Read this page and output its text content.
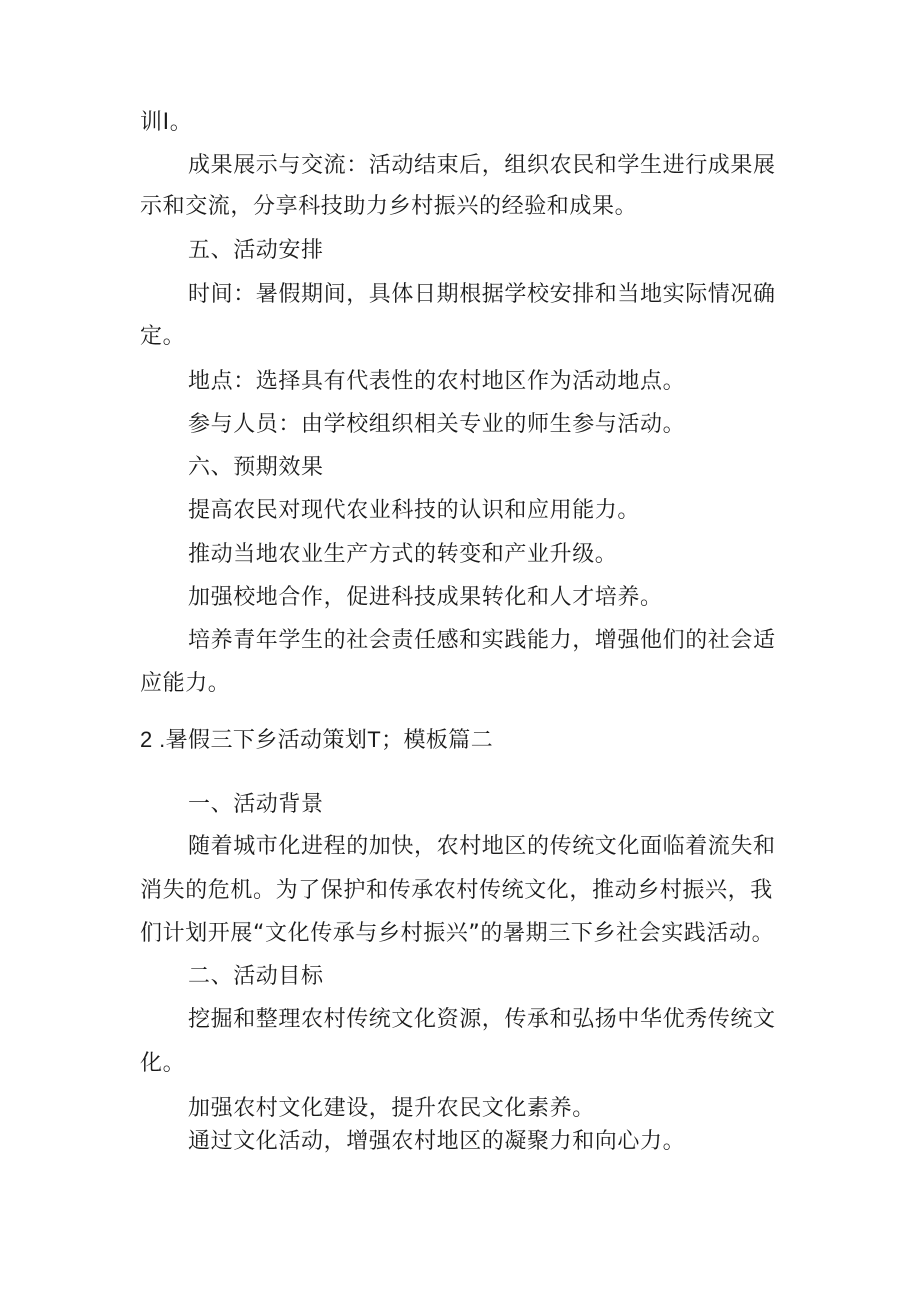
训I。

成果展示与交流：活动结束后，组织农民和学生进行成果展

示和交流，分享科技助力乡村振兴的经验和成果。

五、活动安排

时间：暑假期间，具体日期根据学校安排和当地实际情况确

定。

地点：选择具有代表性的农村地区作为活动地点。

参与人员：由学校组织相关专业的师生参与活动。

六、预期效果

提高农民对现代农业科技的认识和应用能力。

推动当地农业生产方式的转变和产业升级。

加强校地合作，促进科技成果转化和人才培养。

培养青年学生的社会责任感和实践能力，增强他们的社会适

应能力。

2 .暑假三下乡活动策划T；模板篇二

一、活动背景

随着城市化进程的加快，农村地区的传统文化面临着流失和

消失的危机。为了保护和传承农村传统文化，推动乡村振兴，我

们计划开展“文化传承与乡村振兴”的暑期三下乡社会实践活动。

二、活动目标

挖掘和整理农村传统文化资源，传承和弘扬中华优秀传统文

化。

加强农村文化建设，提升农民文化素养。

通过文化活动，增强农村地区的凝聚力和向心力。
